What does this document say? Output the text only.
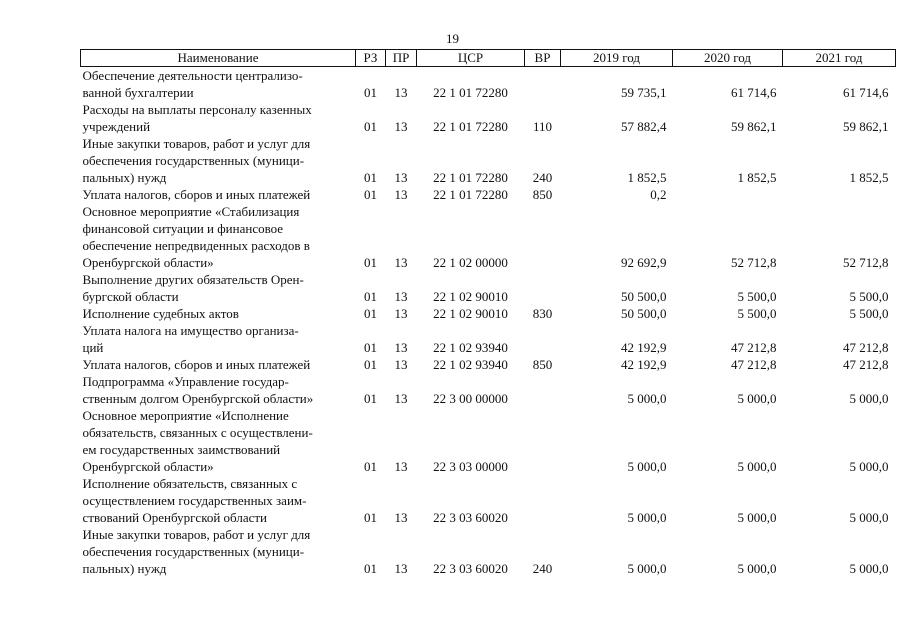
19
Наименование	РЗ	ПР	ЦСР	ВР	2019 год	2020 год	2021 год

Обеспечение деятельности централизо-
ванной бухгалтерии	01	13	22 1 01 72280		59 735,1	61 714,6	61 714,6

Расходы на выплаты персоналу казенных
учреждений	01	13	22 1 01 72280	110	57 882,4	59 862,1	59 862,1

Иные закупки товаров, работ и услуг для
обеспечения государственных (муници-
пальных) нужд	01	13	22 1 01 72280	240	1 852,5	1 852,5	1 852,5

Уплата налогов, сборов и иных платежей	01	13	22 1 01 72280	850	0,2		

Основное мероприятие «Стабилизация
финансовой ситуации и финансовое
обеспечение непредвиденных расходов в
Оренбургской области»	01	13	22 1 02 00000		92 692,9	52 712,8	52 712,8

Выполнение других обязательств Орен-
бургской области	01	13	22 1 02 90010		50 500,0	5 500,0	5 500,0

Исполнение судебных актов	01	13	22 1 02 90010	830	50 500,0	5 500,0	5 500,0

Уплата налога на имущество организа-
ций	01	13	22 1 02 93940		42 192,9	47 212,8	47 212,8

Уплата налогов, сборов и иных платежей	01	13	22 1 02 93940	850	42 192,9	47 212,8	47 212,8

Подпрограмма «Управление государ-
ственным долгом Оренбургской области»	01	13	22 3 00 00000		5 000,0	5 000,0	5 000,0

Основное мероприятие «Исполнение
обязательств, связанных с осуществлени-
ем государственных заимствований
Оренбургской области»	01	13	22 3 03 00000		5 000,0	5 000,0	5 000,0

Исполнение обязательств, связанных с
осуществлением государственных заим-
ствований Оренбургской области	01	13	22 3 03 60020		5 000,0	5 000,0	5 000,0

Иные закупки товаров, работ и услуг для
обеспечения государственных (муници-
пальных) нужд	01	13	22 3 03 60020	240	5 000,0	5 000,0	5 000,0
